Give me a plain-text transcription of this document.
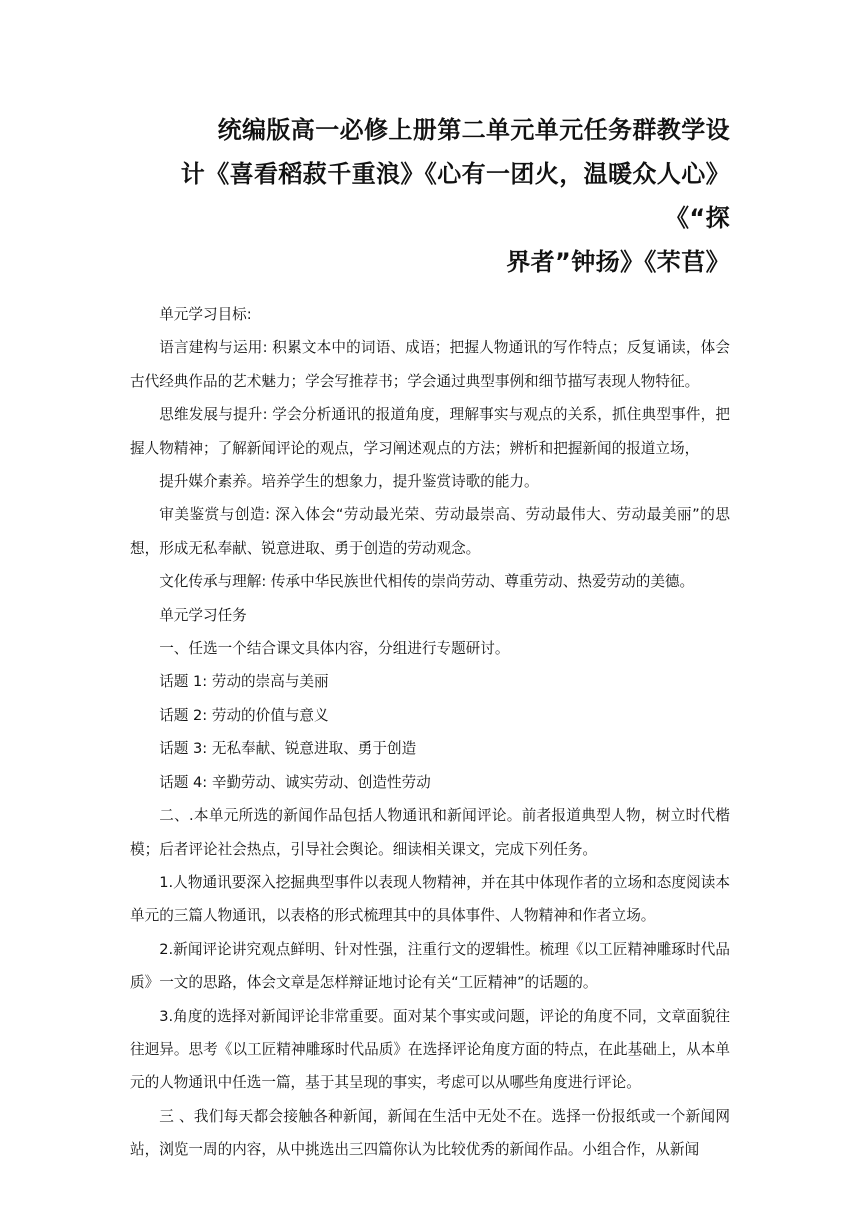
统编版高一必修上册第二单元单元任务群教学设
计《喜看稻菽千重浪》《心有一团火，温暖众人心》《“探
界者”钟扬》《芣苢》

单元学习目标:

语言建构与运用: 积累文本中的词语、成语；把握人物通讯的写作特点；反复诵读，体会古代经典作品的艺术魅力；学会写推荐书；学会通过典型事例和细节描写表现人物特征。

思维发展与提升: 学会分析通讯的报道角度，理解事实与观点的关系，抓住典型事件，把握人物精神；了解新闻评论的观点，学习阐述观点的方法；辨析和把握新闻的报道立场，

提升媒介素养。培养学生的想象力，提升鉴赏诗歌的能力。

审美鉴赏与创造: 深入体会“劳动最光荣、劳动最崇高、劳动最伟大、劳动最美丽”的思想，形成无私奉献、锐意进取、勇于创造的劳动观念。

文化传承与理解: 传承中华民族世代相传的崇尚劳动、尊重劳动、热爱劳动的美德。

单元学习任务

一、任选一个结合课文具体内容，分组进行专题研讨。

话题 1: 劳动的崇高与美丽

话题 2: 劳动的价值与意义

话题 3: 无私奉献、锐意进取、勇于创造

话题 4: 辛勤劳动、诚实劳动、创造性劳动

二、.本单元所选的新闻作品包括人物通讯和新闻评论。前者报道典型人物，树立时代楷模；后者评论社会热点，引导社会舆论。细读相关课文，完成下列任务。

1.人物通讯要深入挖掘典型事件以表现人物精神，并在其中体现作者的立场和态度阅读本单元的三篇人物通讯，以表格的形式梳理其中的具体事件、人物精神和作者立场。

2.新闻评论讲究观点鲜明、针对性强，注重行文的逻辑性。梳理《以工匠精神雕琢时代品质》一文的思路，体会文章是怎样辩证地讨论有关“工匠精神”的话题的。

3.角度的选择对新闻评论非常重要。面对某个事实或问题，评论的角度不同，文章面貌往往迥异。思考《以工匠精神雕琢时代品质》在选择评论角度方面的特点，在此基础上，从本单元的人物通讯中任选一篇，基于其呈现的事实，考虑可以从哪些角度进行评论。

三 、我们每天都会接触各种新闻，新闻在生活中无处不在。选择一份报纸或一个新闻网站，浏览一周的内容，从中挑选出三四篇你认为比较优秀的新闻作品。小组合作，从新闻
